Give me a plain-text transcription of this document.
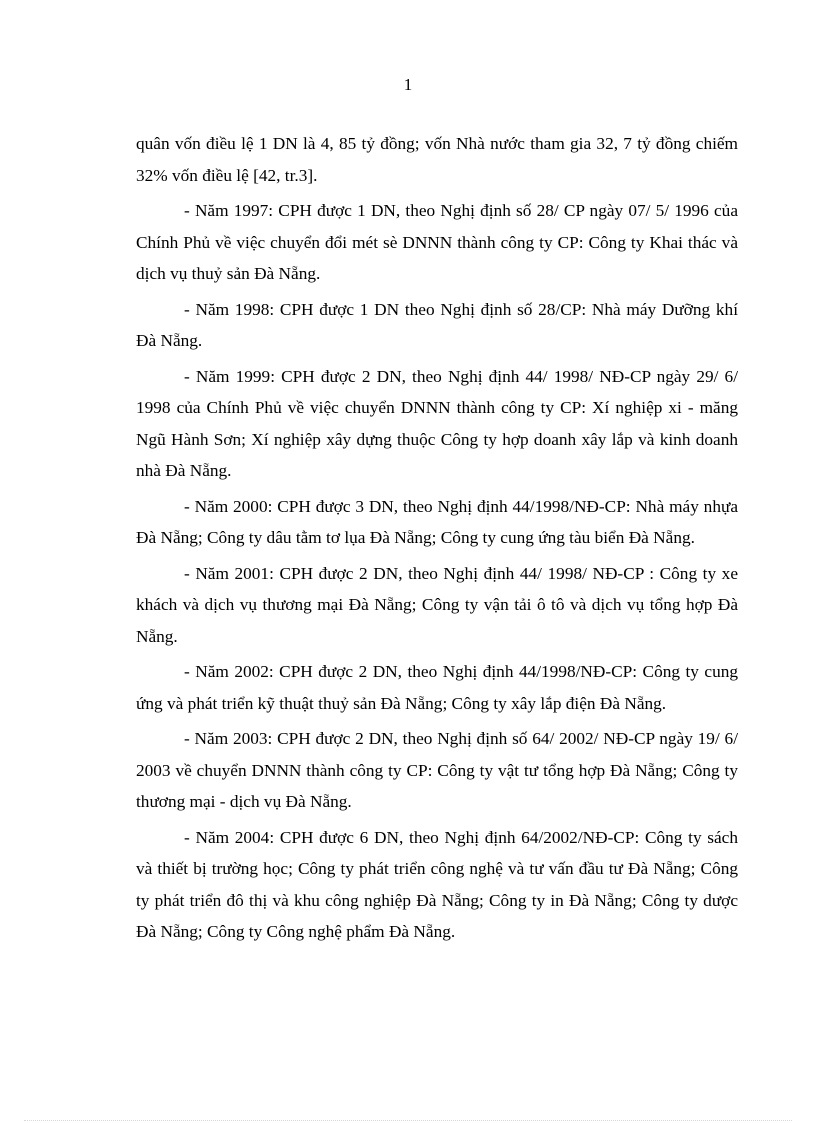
1

quân vốn điều lệ 1 DN là 4, 85 tỷ đồng; vốn Nhà nước tham gia 32, 7 tỷ đồng chiếm 32% vốn điều lệ [42, tr.3].

- Năm 1997: CPH được 1 DN, theo Nghị định số 28/ CP ngày 07/ 5/ 1996 của Chính Phủ về việc chuyển đổi mét sè DNNN thành công ty CP: Công ty Khai thác và dịch vụ thuỷ sản Đà Nẵng.

- Năm 1998: CPH được 1 DN theo Nghị định số 28/CP: Nhà máy Dưỡng khí Đà Nẵng.

- Năm 1999: CPH được 2 DN, theo Nghị định 44/ 1998/ NĐ-CP ngày 29/ 6/ 1998 của Chính Phủ về việc chuyển DNNN thành công ty CP: Xí nghiệp xi - măng Ngũ Hành Sơn; Xí nghiệp xây dựng thuộc Công ty hợp doanh xây lắp và kinh doanh nhà Đà Nẵng.

- Năm 2000: CPH được 3 DN, theo Nghị định 44/1998/NĐ-CP: Nhà máy nhựa Đà Nẵng; Công ty dâu tằm tơ lụa Đà Nẵng; Công ty cung ứng tàu biển Đà Nẵng.

- Năm 2001: CPH được 2 DN, theo Nghị định 44/ 1998/ NĐ-CP : Công ty xe khách và dịch vụ thương mại Đà Nẵng; Công ty vận tải ô tô và dịch vụ tổng hợp Đà Nẵng.

- Năm 2002: CPH được 2 DN, theo Nghị định 44/1998/NĐ-CP: Công ty cung ứng và phát triển kỹ thuật thuỷ sản Đà Nẵng; Công ty xây lắp điện Đà Nẵng.

- Năm 2003: CPH được 2 DN, theo Nghị định số 64/ 2002/ NĐ-CP ngày 19/ 6/ 2003 về chuyển DNNN thành công ty CP: Công ty vật tư tổng hợp Đà Nẵng; Công ty thương mại - dịch vụ Đà Nẵng.

- Năm 2004: CPH được 6 DN, theo Nghị định 64/2002/NĐ-CP: Công ty sách và thiết bị trường học; Công ty phát triển công nghệ và tư vấn đầu tư Đà Nẵng; Công ty phát triển đô thị và khu công nghiệp Đà Nẵng; Công ty in Đà Nẵng; Công ty dược Đà Nẵng; Công ty Công nghệ phẩm Đà Nẵng.
